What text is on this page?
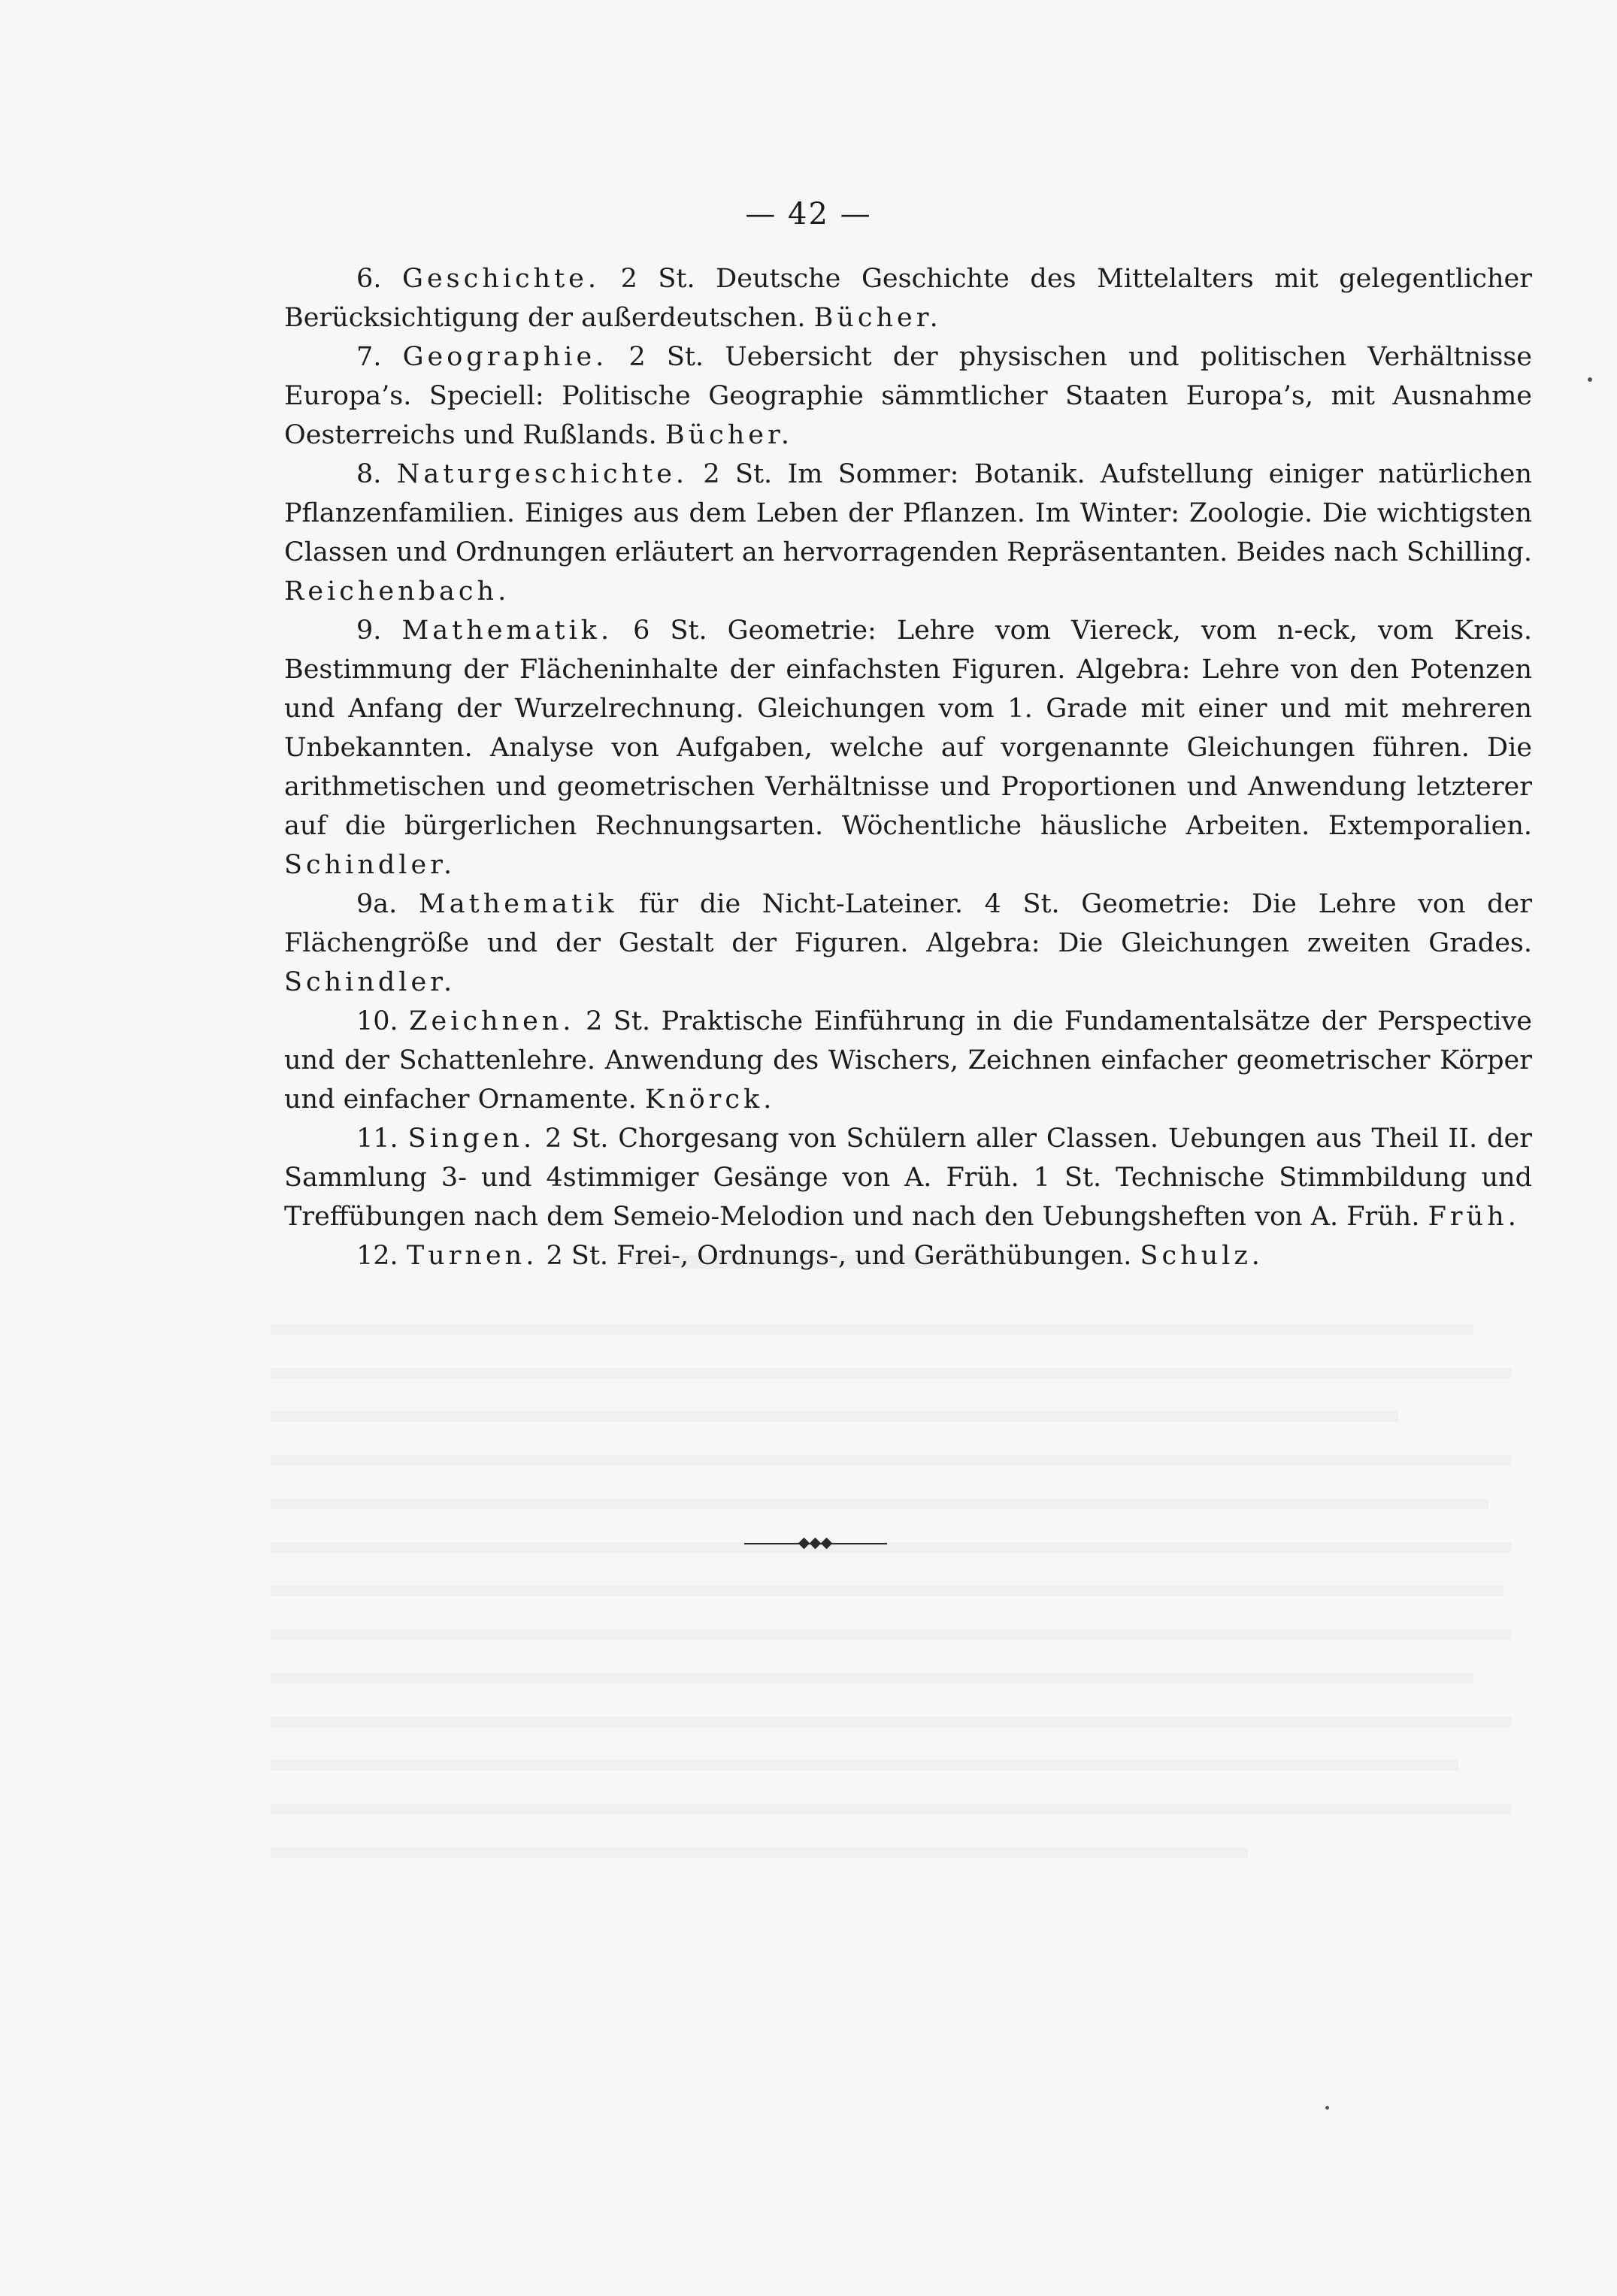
— 42 —

6. Geschichte. 2 St. Deutsche Geschichte des Mittelalters mit gelegentlicher Berücksichtigung der außerdeutschen. Bücher.

7. Geographie. 2 St. Uebersicht der physischen und politischen Verhältnisse Europa’s. Speciell: Politische Geographie sämmtlicher Staaten Europa’s, mit Ausnahme Oesterreichs und Rußlands. Bücher.

8. Naturgeschichte. 2 St. Im Sommer: Botanik. Aufstellung einiger natürlichen Pflanzenfamilien. Einiges aus dem Leben der Pflanzen. Im Winter: Zoologie. Die wichtigsten Classen und Ordnungen erläutert an hervorragenden Repräsentanten. Beides nach Schilling. Reichenbach.

9. Mathematik. 6 St. Geometrie: Lehre vom Viereck, vom n-eck, vom Kreis. Bestimmung der Flächeninhalte der einfachsten Figuren. Algebra: Lehre von den Potenzen und Anfang der Wurzelrechnung. Gleichungen vom 1. Grade mit einer und mit mehreren Unbekannten. Analyse von Aufgaben, welche auf vorgenannte Gleichungen führen. Die arithmetischen und geometrischen Verhältnisse und Proportionen und Anwendung letzterer auf die bürgerlichen Rechnungsarten. Wöchentliche häusliche Arbeiten. Extemporalien. Schindler.

9a. Mathematik für die Nicht-Lateiner. 4 St. Geometrie: Die Lehre von der Flächengröße und der Gestalt der Figuren. Algebra: Die Gleichungen zweiten Grades. Schindler.

10. Zeichnen. 2 St. Praktische Einführung in die Fundamentalsätze der Perspective und der Schattenlehre. Anwendung des Wischers, Zeichnen einfacher geometrischer Körper und einfacher Ornamente. Knörck.

11. Singen. 2 St. Chorgesang von Schülern aller Classen. Uebungen aus Theil II. der Sammlung 3- und 4stimmiger Gesänge von A. Früh. 1 St. Technische Stimmbildung und Treffübungen nach dem Semeio-Melodion und nach den Uebungsheften von A. Früh. Früh.

12. Turnen. 2 St. Frei-, Ordnungs-, und Geräthübungen. Schulz.
